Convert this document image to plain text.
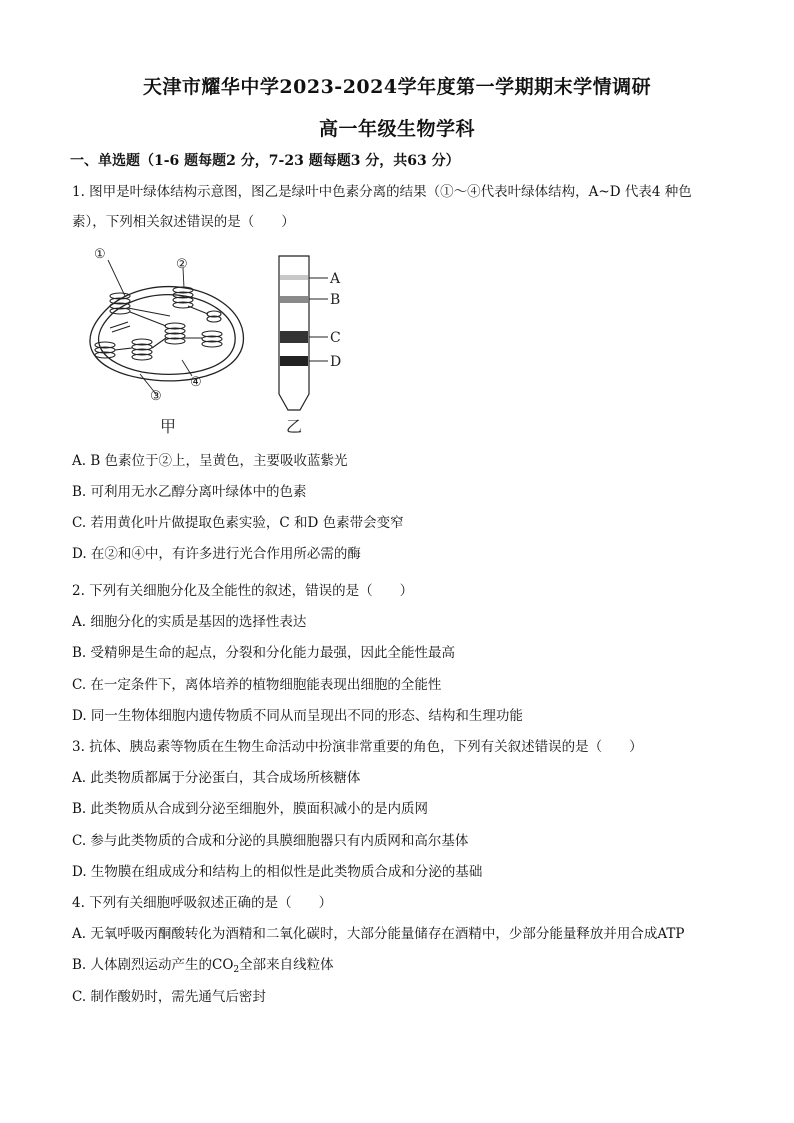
天津市耀华中学2023-2024学年度第一学期期末学情调研
高一年级生物学科
一、单选题（1-6 题每题2 分，7-23 题每题3 分，共63 分）
1. 图甲是叶绿体结构示意图，图乙是绿叶中色素分离的结果（①～④代表叶绿体结构，A~D 代表4 种色
素），下列相关叙述错误的是（　　）
①
②
③
④
甲	乙
A
B
C
D
A. B 色素位于②上，呈黄色，主要吸收蓝紫光
B. 可利用无水乙醇分离叶绿体中的色素
C. 若用黄化叶片做提取色素实验，C 和D 色素带会变窄
D. 在②和④中，有许多进行光合作用所必需的酶
2. 下列有关细胞分化及全能性的叙述，错误的是（　　）
A. 细胞分化的实质是基因的选择性表达
B. 受精卵是生命的起点，分裂和分化能力最强，因此全能性最高
C. 在一定条件下，离体培养的植物细胞能表现出细胞的全能性
D. 同一生物体细胞内遗传物质不同从而呈现出不同的形态、结构和生理功能
3. 抗体、胰岛素等物质在生物生命活动中扮演非常重要的角色，下列有关叙述错误的是（　　）
A. 此类物质都属于分泌蛋白，其合成场所核糖体
B. 此类物质从合成到分泌至细胞外，膜面积减小的是内质网
C. 参与此类物质的合成和分泌的具膜细胞器只有内质网和高尔基体
D. 生物膜在组成成分和结构上的相似性是此类物质合成和分泌的基础
4. 下列有关细胞呼吸叙述正确的是（　　）
A. 无氧呼吸丙酮酸转化为酒精和二氧化碳时，大部分能量储存在酒精中，少部分能量释放并用合成ATP
B. 人体剧烈运动产生的$CO_2$全部来自线粒体
C. 制作酸奶时，需先通气后密封
